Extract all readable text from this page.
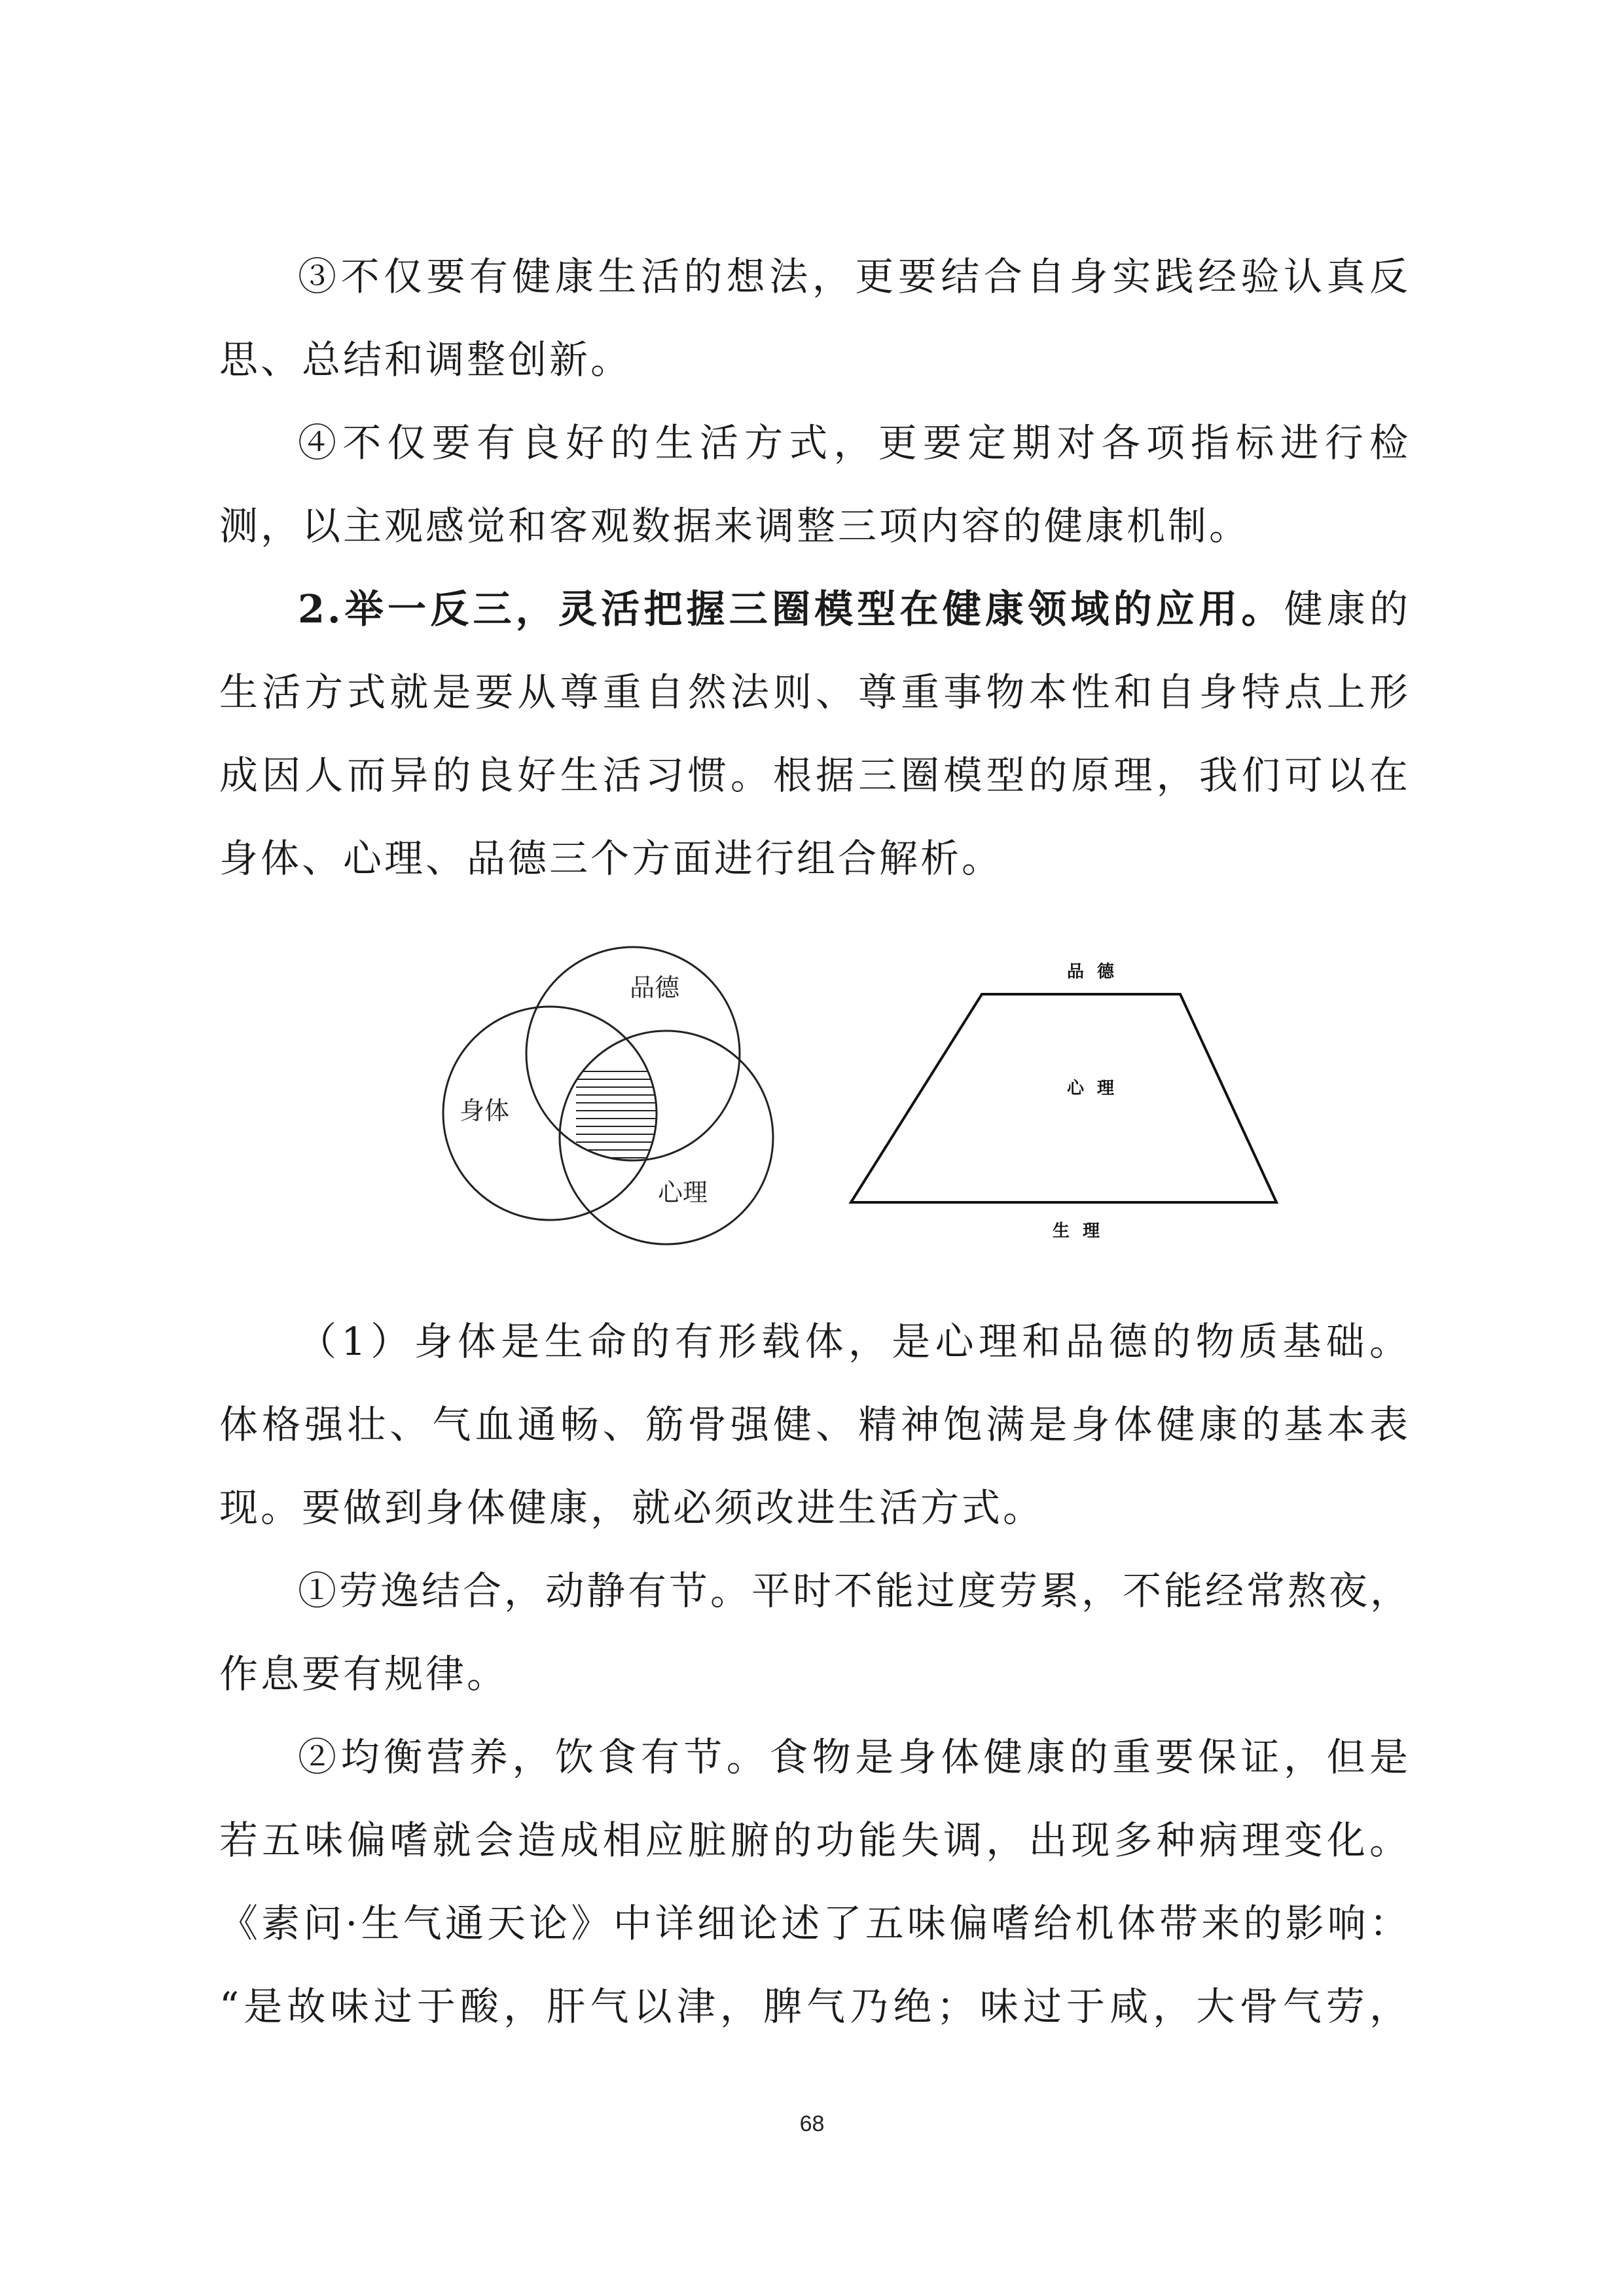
③不仅要有健康生活的想法，更要结合自身实践经验认真反

思、总结和调整创新。

④不仅要有良好的生活方式，更要定期对各项指标进行检

测，以主观感觉和客观数据来调整三项内容的健康机制。

2.举一反三，灵活把握三圈模型在健康领域的应用。健康的

生活方式就是要从尊重自然法则、尊重事物本性和自身特点上形

成因人而异的良好生活习惯。根据三圈模型的原理，我们可以在

身体、心理、品德三个方面进行组合解析。

品德
身体
心理
品德
心理
生理

（1）身体是生命的有形载体，是心理和品德的物质基础。

体格强壮、气血通畅、筋骨强健、精神饱满是身体健康的基本表

现。要做到身体健康，就必须改进生活方式。

①劳逸结合，动静有节。平时不能过度劳累，不能经常熬夜，

作息要有规律。

②均衡营养，饮食有节。食物是身体健康的重要保证，但是

若五味偏嗜就会造成相应脏腑的功能失调，出现多种病理变化。

《素问·生气通天论》中详细论述了五味偏嗜给机体带来的影响：

“是故味过于酸，肝气以津，脾气乃绝；味过于咸，大骨气劳，

68
